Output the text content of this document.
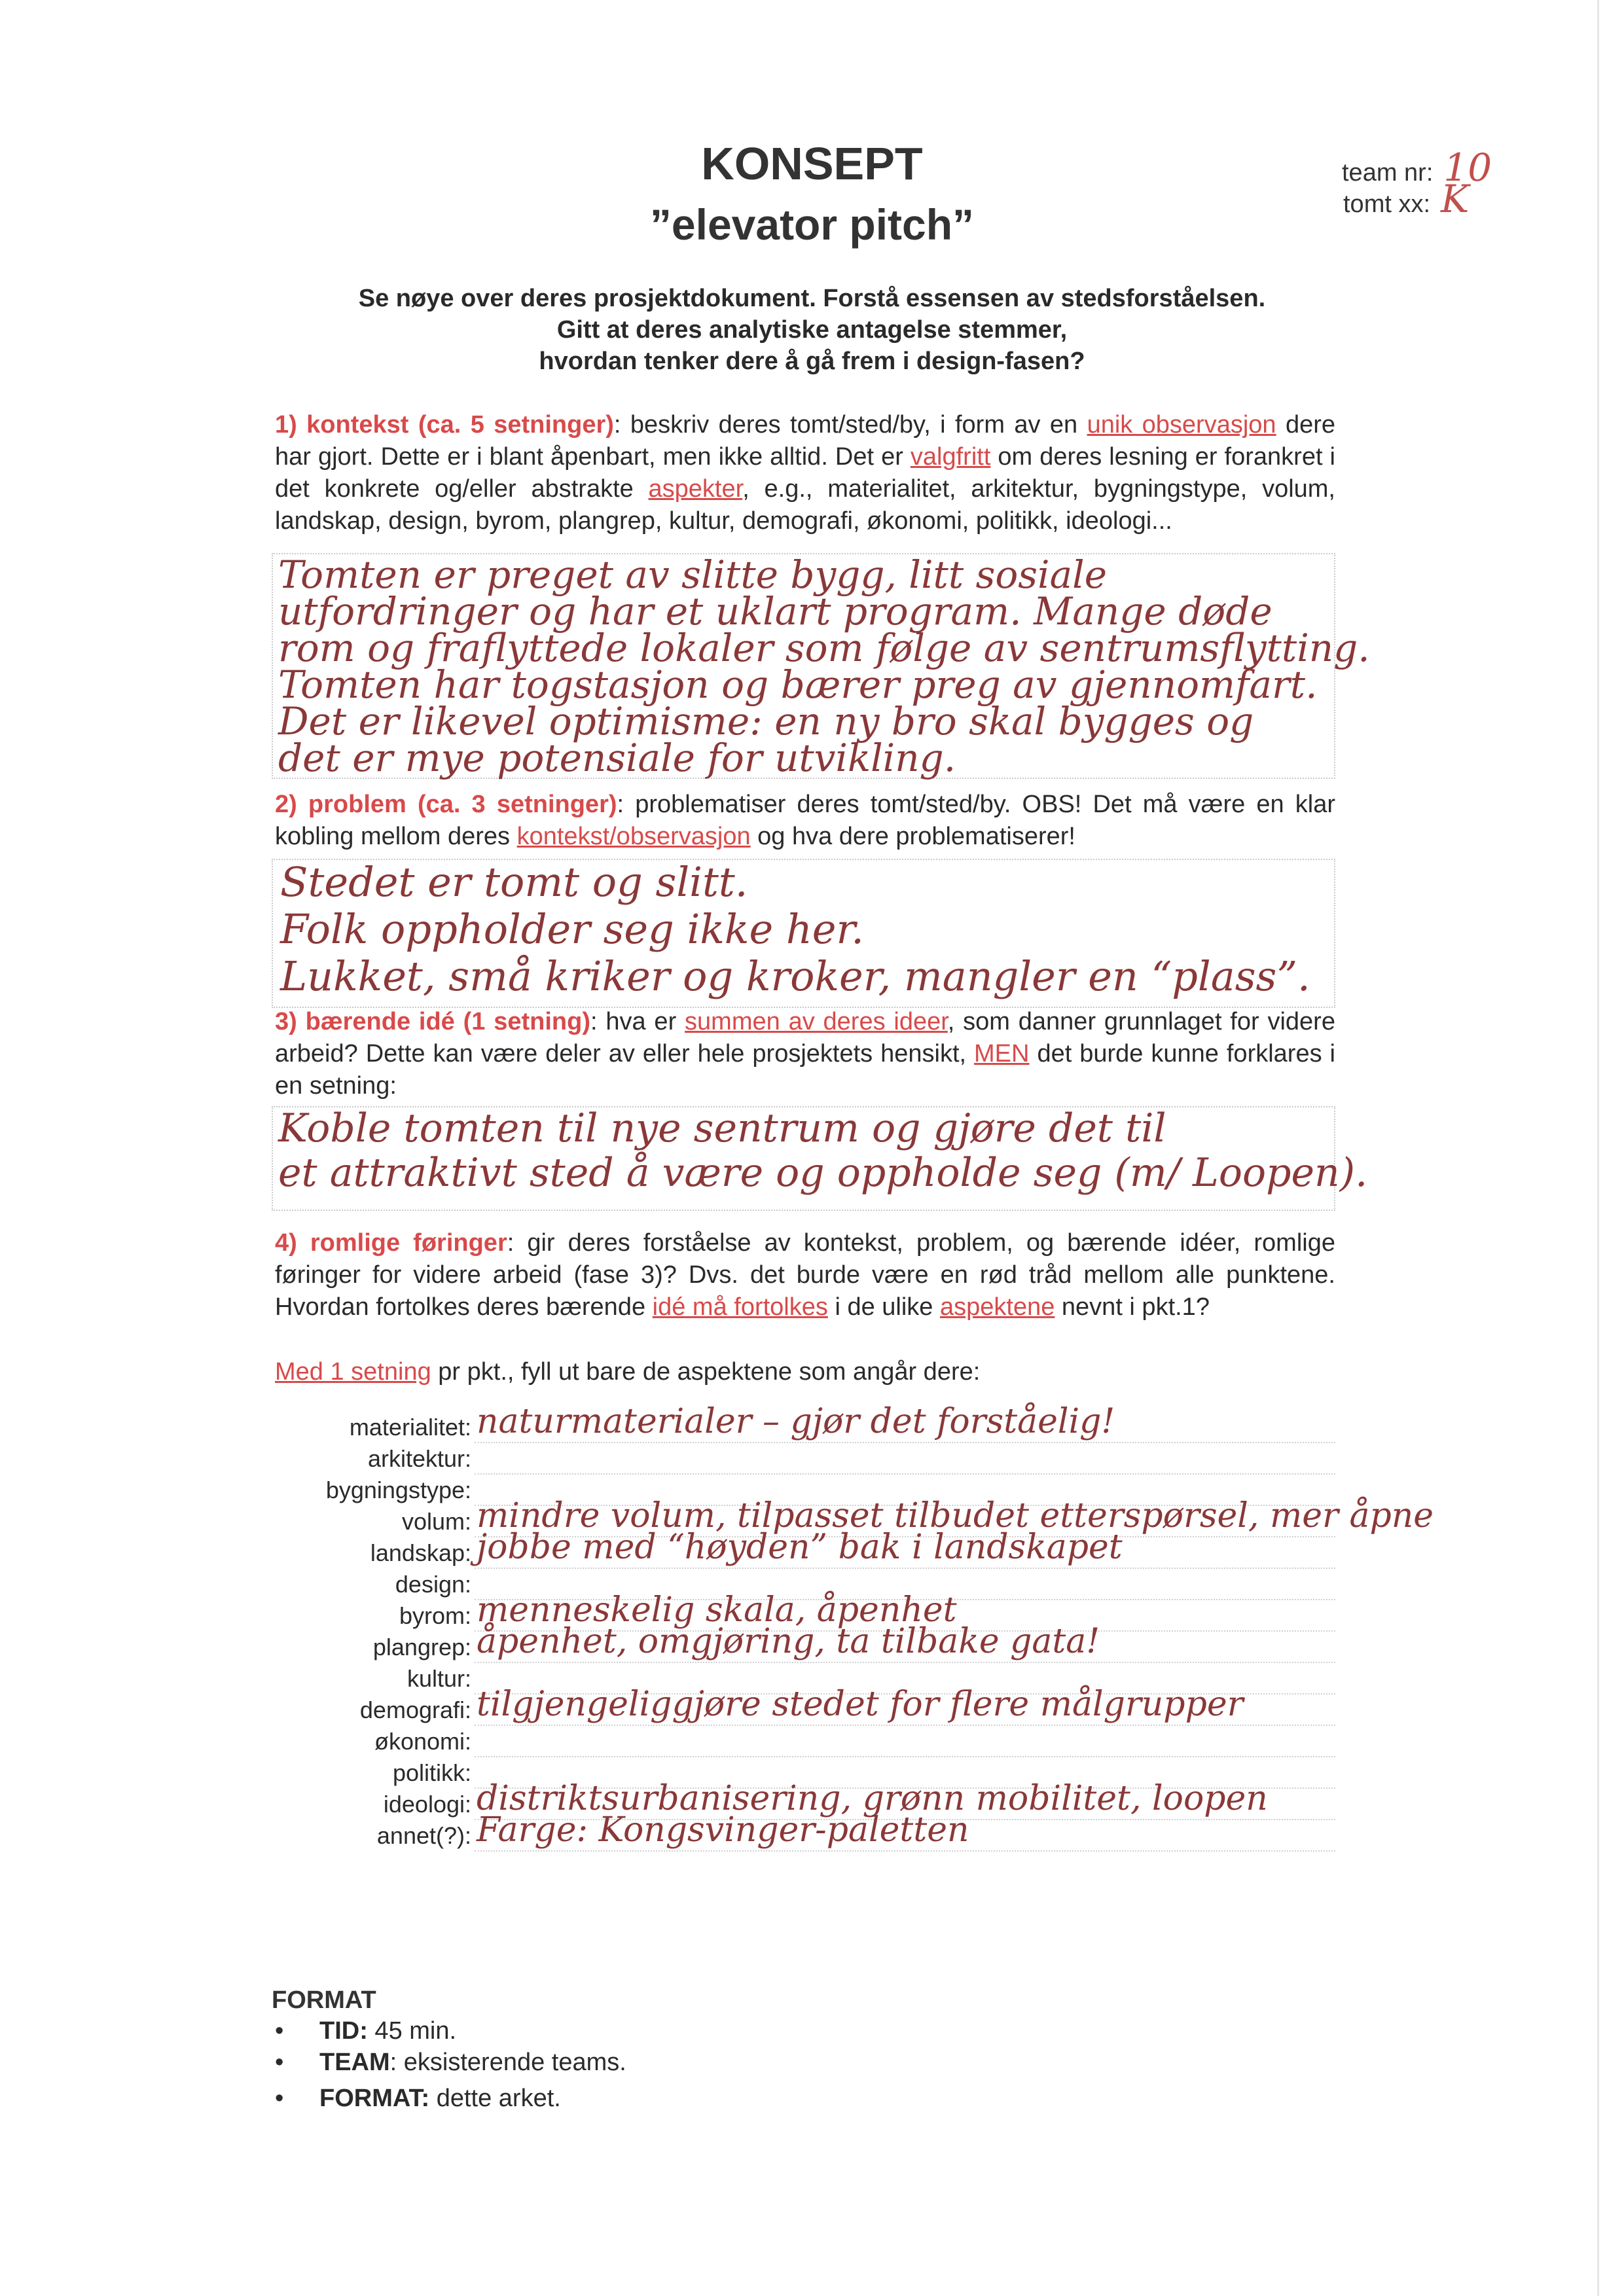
KONSEPT
”elevator pitch”
team nr: 10
tomt xx: K
Se nøye over deres prosjektdokument. Forstå essensen av stedsforståelsen.
Gitt at deres analytiske antagelse stemmer,
hvordan tenker dere å gå frem i design-fasen?
1) kontekst (ca. 5 setninger): beskriv deres tomt/sted/by, i form av en unik observasjon dere har gjort. Dette er i blant åpenbart, men ikke alltid. Det er valgfritt om deres lesning er forankret i det konkrete og/eller abstrakte aspekter, e.g., materialitet, arkitektur, bygningstype, volum, landskap, design, byrom, plangrep, kultur, demografi, økonomi, politikk, ideologi...
Tomten er preget av slitte bygg, litt sosiale
utfordringer og har et uklart program. Mange døde
rom og fraflyttede lokaler som følge av sentrumsflytting.
Tomten har togstasjon og bærer preg av gjennomfart.
Det er likevel optimisme: en ny bro skal bygges og
det er mye potensiale for utvikling.
2) problem (ca. 3 setninger): problematiser deres tomt/sted/by. OBS! Det må være en klar kobling mellom deres kontekst/observasjon og hva dere problematiserer!
Stedet er tomt og slitt.
Folk oppholder seg ikke her.
Lukket, små kriker og kroker, mangler en “plass”.
3) bærende idé (1 setning): hva er summen av deres ideer, som danner grunnlaget for videre arbeid? Dette kan være deler av eller hele prosjektets hensikt, MEN det burde kunne forklares i en setning:
Koble tomten til nye sentrum og gjøre det til
et attraktivt sted å være og oppholde seg (m/ Loopen).
4) romlige føringer: gir deres forståelse av kontekst, problem, og bærende idéer, romlige føringer for videre arbeid (fase 3)? Dvs. det burde være en rød tråd mellom alle punktene. Hvordan fortolkes deres bærende idé må fortolkes i de ulike aspektene nevnt i pkt.1?
Med 1 setning pr pkt., fyll ut bare de aspektene som angår dere:
materialitet: naturmaterialer – gjør det forståelig!
arkitektur:
bygningstype:
volum: mindre volum, tilpasset tilbudet etterspørsel, mer åpne
landskap: jobbe med “høyden” bak i landskapet
design:
byrom: menneskelig skala, åpenhet
plangrep: åpenhet, omgjøring, ta tilbake gata!
kultur:
demografi: tilgjengeliggjøre stedet for flere målgrupper
økonomi:
politikk:
ideologi: distriktsurbanisering, grønn mobilitet, loopen
annet(?): Farge: Kongsvinger-paletten
FORMAT
• TID: 45 min.
• TEAM: eksisterende teams.
• FORMAT: dette arket.
